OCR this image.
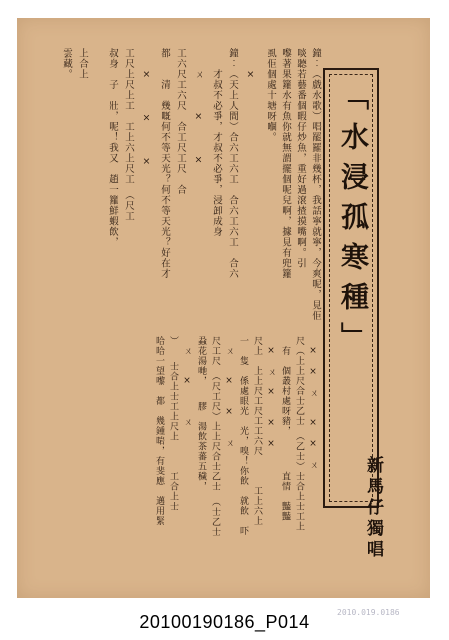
「水浸孤寒種」
新馬仔獨唱
鐘︰（戲水歌）唱罷羅非幾杯，我話寧就寧，今爽呢，見佢
啖聽若藝番個暇仔炒魚，重好過滾揸摸嘴啊。引
嚟著果籮水有魚你就無謂擺個呢兒啊，據見有兜籮
虱佢個處十塘呀嗰。
　　×
鐘︰（天上人間）合六工六工　合六工六工　合六
　　才叔不必爭，才叔不必爭，浸卸成身
　　ㄨ　　　×　　　×
工六尺工六尺　合工尺工尺　合
都　　清　幾嘅何不等天光？何不等天光？好在才
　　×　　　×　　　×
工尺上尺上工　工上六上尺工　（尺工
叔身　子　壯，呢！我又　趙一籮鮮蝦飲，
上合上
雲藏。
　×　×　ㄨ　　×　×　ㄨ
尺（上上尺合士乙士　（乙士）士合上士工上
　有　個叢村處呀豬，　　　　直情　豔豔
　×　ㄨ　×　　×　×
尺上　上上尺工尺工工六尺　　　工上六上
一　隻　係處眼光　光，嗅！你飲　就飲　吓
　ㄨ　　×　　×　　ㄨ
尺工尺　（尺工尺）上上尺合士乙士　（士乙士
蝨花湯哋，　　膠　湯飲茶蕃五穢，
　ㄨ　　×　　　ㄨ
）　　士合上士工上尺上　　　工合上士
哈哈一望嚟　都　幾鍾啱，有斐應　邁用緊
2010.019.0186
20100190186_P014
